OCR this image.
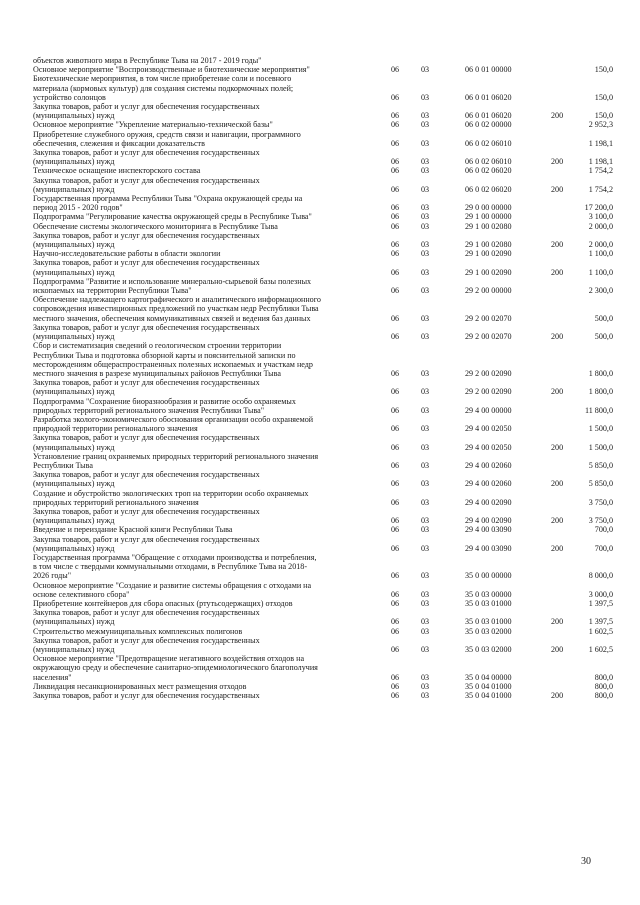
объектов животного мира в Республике Тыва на 2017 - 2019 годы"
Основное мероприятие "Воспроизводственные и биотехнические мероприятия"	06	03	06 0 01 00000	150,0
Биотехнические мероприятия, в том числе приобретение соли и посевного
материала (кормовых культур) для создания системы подкормочных полей;
устройство солонцов	06	03	06 0 01 06020	150,0
Закупка товаров, работ и услуг для обеспечения государственных
(муниципальных) нужд	06	03	06 0 01 06020	200	150,0
Основное мероприятие "Укрепление материально-технической базы"	06	03	06 0 02 00000	2 952,3
Приобретение служебного оружия, средств связи и навигации, программного
обеспечения, слежения и фиксации доказательств	06	03	06 0 02 06010	1 198,1
Закупка товаров, работ и услуг для обеспечения государственных
(муниципальных) нужд	06	03	06 0 02 06010	200	1 198,1
Техническое оснащение инспекторского состава	06	03	06 0 02 06020	1 754,2
Закупка товаров, работ и услуг для обеспечения государственных
(муниципальных) нужд	06	03	06 0 02 06020	200	1 754,2
Государственная программа Республики Тыва "Охрана окружающей среды на
период 2015 - 2020 годов"	06	03	29 0 00 00000	17 200,0
Подпрограмма "Регулирование качества окружающей среды в Республике Тыва"	06	03	29 1 00 00000	3 100,0
Обеспечение системы экологического мониторинга в Республике Тыва	06	03	29 1 00 02080	2 000,0
Закупка товаров, работ и услуг для обеспечения государственных
(муниципальных) нужд	06	03	29 1 00 02080	200	2 000,0
Научно-исследовательские работы в области экологии	06	03	29 1 00 02090	1 100,0
Закупка товаров, работ и услуг для обеспечения государственных
(муниципальных) нужд	06	03	29 1 00 02090	200	1 100,0
Подпрограмма "Развитие и использование минерально-сырьевой базы полезных
ископаемых на территории Республики Тыва"	06	03	29 2 00 00000	2 300,0
Обеспечение надлежащего картографического и аналитического информационного
сопровождения инвестиционных предложений по участкам недр Республики Тыва
местного значения, обеспечения коммуникативных связей и ведения баз данных	06	03	29 2 00 02070	500,0
Закупка товаров, работ и услуг для обеспечения государственных
(муниципальных) нужд	06	03	29 2 00 02070	200	500,0
Сбор и систематизация сведений о геологическом строении территории
Республики Тыва и подготовка обзорной карты и пояснительной записки по
месторождениям общераспространенных полезных ископаемых и участкам недр
местного значения в разрезе муниципальных районов Республики Тыва	06	03	29 2 00 02090	1 800,0
Закупка товаров, работ и услуг для обеспечения государственных
(муниципальных) нужд	06	03	29 2 00 02090	200	1 800,0
Подпрограмма "Сохранение биоразнообразия и развитие особо охраняемых
природных территорий регионального значения Республики Тыва"	06	03	29 4 00 00000	11 800,0
Разработка эколого-экономического обоснования организации особо охраняемой
природной территории регионального значения	06	03	29 4 00 02050	1 500,0
Закупка товаров, работ и услуг для обеспечения государственных
(муниципальных) нужд	06	03	29 4 00 02050	200	1 500,0
Установление границ охраняемых природных территорий регионального значения
Республики Тыва	06	03	29 4 00 02060	5 850,0
Закупка товаров, работ и услуг для обеспечения государственных
(муниципальных) нужд	06	03	29 4 00 02060	200	5 850,0
Создание и обустройство экологических троп на территории особо охраняемых
природных территорий регионального значения	06	03	29 4 00 02090	3 750,0
Закупка товаров, работ и услуг для обеспечения государственных
(муниципальных) нужд	06	03	29 4 00 02090	200	3 750,0
Введение и переиздание Красной книги Республики Тыва	06	03	29 4 00 03090	700,0
Закупка товаров, работ и услуг для обеспечения государственных
(муниципальных) нужд	06	03	29 4 00 03090	200	700,0
Государственная программа "Обращение с отходами производства и потребления,
в том числе с твердыми коммунальными отходами, в Республике Тыва на 2018-
2026 годы"	06	03	35 0 00 00000	8 000,0
Основное мероприятие "Создание и развитие системы обращения с отходами на
основе селективного сбора"	06	03	35 0 03 00000	3 000,0
Приобретение контейнеров для сбора опасных (ртутьсодержащих) отходов	06	03	35 0 03 01000	1 397,5
Закупка товаров, работ и услуг для обеспечения государственных
(муниципальных) нужд	06	03	35 0 03 01000	200	1 397,5
Строительство межмуниципальных комплексных полигонов	06	03	35 0 03 02000	1 602,5
Закупка товаров, работ и услуг для обеспечения государственных
(муниципальных) нужд	06	03	35 0 03 02000	200	1 602,5
Основное мероприятие "Предотвращение негативного воздействия отходов на
окружающую среду и обеспечение санитарно-эпидемиологического благополучия
населения"	06	03	35 0 04 00000	800,0
Ликвидация несанкционированных мест размещения отходов	06	03	35 0 04 01000	800,0
Закупка товаров, работ и услуг для обеспечения государственных	06	03	35 0 04 01000	200	800,0
30
